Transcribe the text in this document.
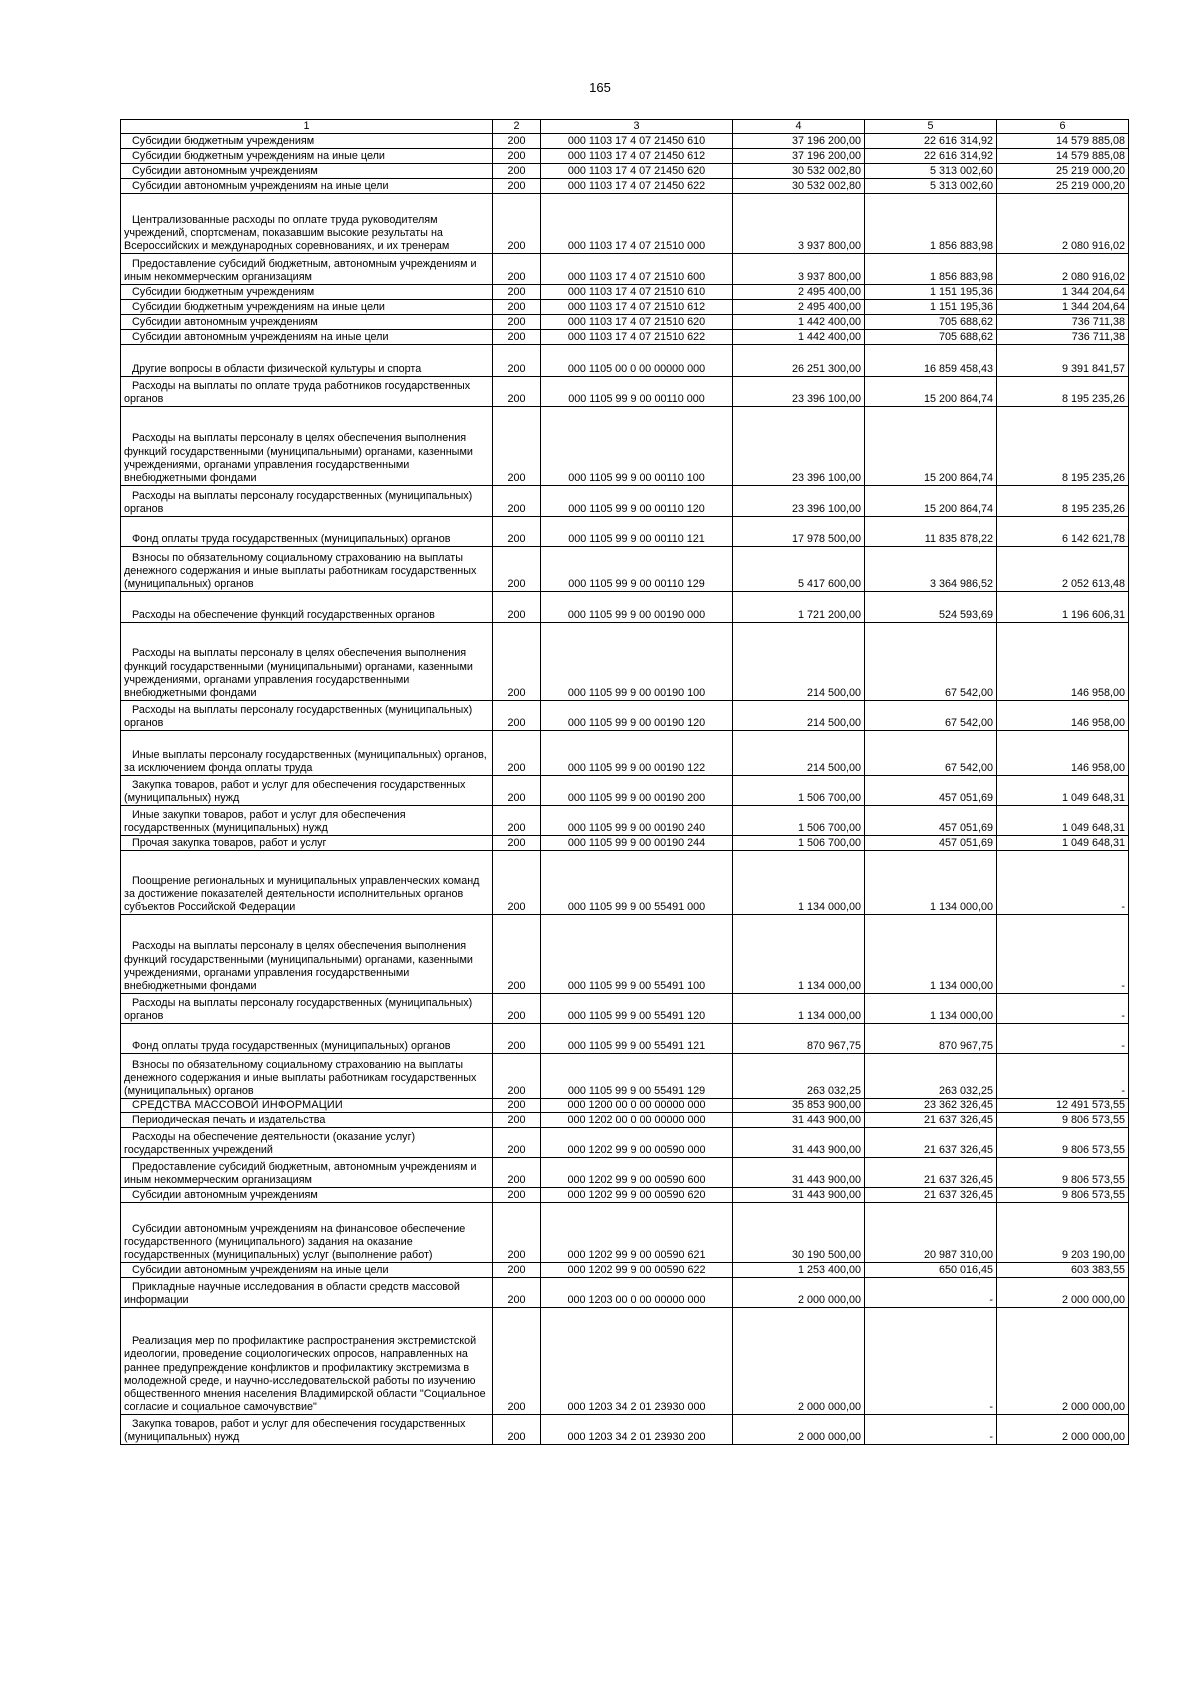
165
1	2	3	4	5	6

Субсидии бюджетным учреждениям	200	000 1103 17 4 07 21450 610	37 196 200,00	22 616 314,92	14 579 885,08

Субсидии бюджетным учреждениям на иные цели	200	000 1103 17 4 07 21450 612	37 196 200,00	22 616 314,92	14 579 885,08

Субсидии автономным учреждениям	200	000 1103 17 4 07 21450 620	30 532 002,80	5 313 002,60	25 219 000,20

Субсидии автономным учреждениям на иные цели	200	000 1103 17 4 07 21450 622	30 532 002,80	5 313 002,60	25 219 000,20

Централизованные расходы по оплате труда руководителям учреждений, спортсменам, показавшим высокие результаты на Всероссийских и международных соревнованиях, и их тренерам	200	000 1103 17 4 07 21510 000	3 937 800,00	1 856 883,98	2 080 916,02

Предоставление субсидий бюджетным, автономным учреждениям и иным некоммерческим организациям	200	000 1103 17 4 07 21510 600	3 937 800,00	1 856 883,98	2 080 916,02

Субсидии бюджетным учреждениям	200	000 1103 17 4 07 21510 610	2 495 400,00	1 151 195,36	1 344 204,64

Субсидии бюджетным учреждениям на иные цели	200	000 1103 17 4 07 21510 612	2 495 400,00	1 151 195,36	1 344 204,64

Субсидии автономным учреждениям	200	000 1103 17 4 07 21510 620	1 442 400,00	705 688,62	736 711,38

Субсидии автономным учреждениям на иные цели	200	000 1103 17 4 07 21510 622	1 442 400,00	705 688,62	736 711,38

Другие вопросы в области физической культуры и спорта	200	000 1105 00 0 00 00000 000	26 251 300,00	16 859 458,43	9 391 841,57

Расходы на выплаты по оплате труда работников государственных органов	200	000 1105 99 9 00 00110 000	23 396 100,00	15 200 864,74	8 195 235,26

Расходы на выплаты персоналу в целях обеспечения выполнения функций государственными (муниципальными) органами, казенными учреждениями, органами управления государственными внебюджетными фондами	200	000 1105 99 9 00 00110 100	23 396 100,00	15 200 864,74	8 195 235,26

Расходы на выплаты персоналу государственных (муниципальных) органов	200	000 1105 99 9 00 00110 120	23 396 100,00	15 200 864,74	8 195 235,26

Фонд оплаты труда государственных (муниципальных) органов	200	000 1105 99 9 00 00110 121	17 978 500,00	11 835 878,22	6 142 621,78

Взносы по обязательному социальному страхованию на выплаты денежного содержания и иные выплаты работникам государственных (муниципальных) органов	200	000 1105 99 9 00 00110 129	5 417 600,00	3 364 986,52	2 052 613,48

Расходы на обеспечение функций государственных органов	200	000 1105 99 9 00 00190 000	1 721 200,00	524 593,69	1 196 606,31

Расходы на выплаты персоналу в целях обеспечения выполнения функций государственными (муниципальными) органами, казенными учреждениями, органами управления государственными внебюджетными фондами	200	000 1105 99 9 00 00190 100	214 500,00	67 542,00	146 958,00

Расходы на выплаты персоналу государственных (муниципальных) органов	200	000 1105 99 9 00 00190 120	214 500,00	67 542,00	146 958,00

Иные выплаты персоналу государственных (муниципальных) органов, за исключением фонда оплаты труда	200	000 1105 99 9 00 00190 122	214 500,00	67 542,00	146 958,00

Закупка товаров, работ и услуг для обеспечения государственных (муниципальных) нужд	200	000 1105 99 9 00 00190 200	1 506 700,00	457 051,69	1 049 648,31

Иные закупки товаров, работ и услуг для обеспечения государственных (муниципальных) нужд	200	000 1105 99 9 00 00190 240	1 506 700,00	457 051,69	1 049 648,31

Прочая закупка товаров, работ и услуг	200	000 1105 99 9 00 00190 244	1 506 700,00	457 051,69	1 049 648,31

Поощрение региональных и муниципальных управленческих команд за достижение показателей деятельности исполнительных органов субъектов Российской Федерации	200	000 1105 99 9 00 55491 000	1 134 000,00	1 134 000,00	-

Расходы на выплаты персоналу в целях обеспечения выполнения функций государственными (муниципальными) органами, казенными учреждениями, органами управления государственными внебюджетными фондами	200	000 1105 99 9 00 55491 100	1 134 000,00	1 134 000,00	-

Расходы на выплаты персоналу государственных (муниципальных) органов	200	000 1105 99 9 00 55491 120	1 134 000,00	1 134 000,00	-

Фонд оплаты труда государственных (муниципальных) органов	200	000 1105 99 9 00 55491 121	870 967,75	870 967,75	-

Взносы по обязательному социальному страхованию на выплаты денежного содержания и иные выплаты работникам государственных (муниципальных) органов	200	000 1105 99 9 00 55491 129	263 032,25	263 032,25	-

СРЕДСТВА МАССОВОЙ ИНФОРМАЦИИ	200	000 1200 00 0 00 00000 000	35 853 900,00	23 362 326,45	12 491 573,55

Периодическая печать и издательства	200	000 1202 00 0 00 00000 000	31 443 900,00	21 637 326,45	9 806 573,55

Расходы на обеспечение деятельности (оказание услуг) государственных учреждений	200	000 1202 99 9 00 00590 000	31 443 900,00	21 637 326,45	9 806 573,55

Предоставление субсидий бюджетным, автономным учреждениям и иным некоммерческим организациям	200	000 1202 99 9 00 00590 600	31 443 900,00	21 637 326,45	9 806 573,55

Субсидии автономным учреждениям	200	000 1202 99 9 00 00590 620	31 443 900,00	21 637 326,45	9 806 573,55

Субсидии автономным учреждениям на финансовое обеспечение государственного (муниципального) задания на оказание государственных (муниципальных) услуг (выполнение работ)	200	000 1202 99 9 00 00590 621	30 190 500,00	20 987 310,00	9 203 190,00

Субсидии автономным учреждениям на иные цели	200	000 1202 99 9 00 00590 622	1 253 400,00	650 016,45	603 383,55

Прикладные научные исследования в области средств массовой информации	200	000 1203 00 0 00 00000 000	2 000 000,00	-	2 000 000,00

Реализация мер по профилактике распространения экстремистской идеологии, проведение социологических опросов, направленных на раннее предупреждение конфликтов и профилактику экстремизма в молодежной среде, и научно-исследовательской работы по изучению общественного мнения населения Владимирской области "Социальное согласие и социальное самочувствие"	200	000 1203 34 2 01 23930 000	2 000 000,00	-	2 000 000,00

Закупка товаров, работ и услуг для обеспечения государственных (муниципальных) нужд	200	000 1203 34 2 01 23930 200	2 000 000,00	-	2 000 000,00
